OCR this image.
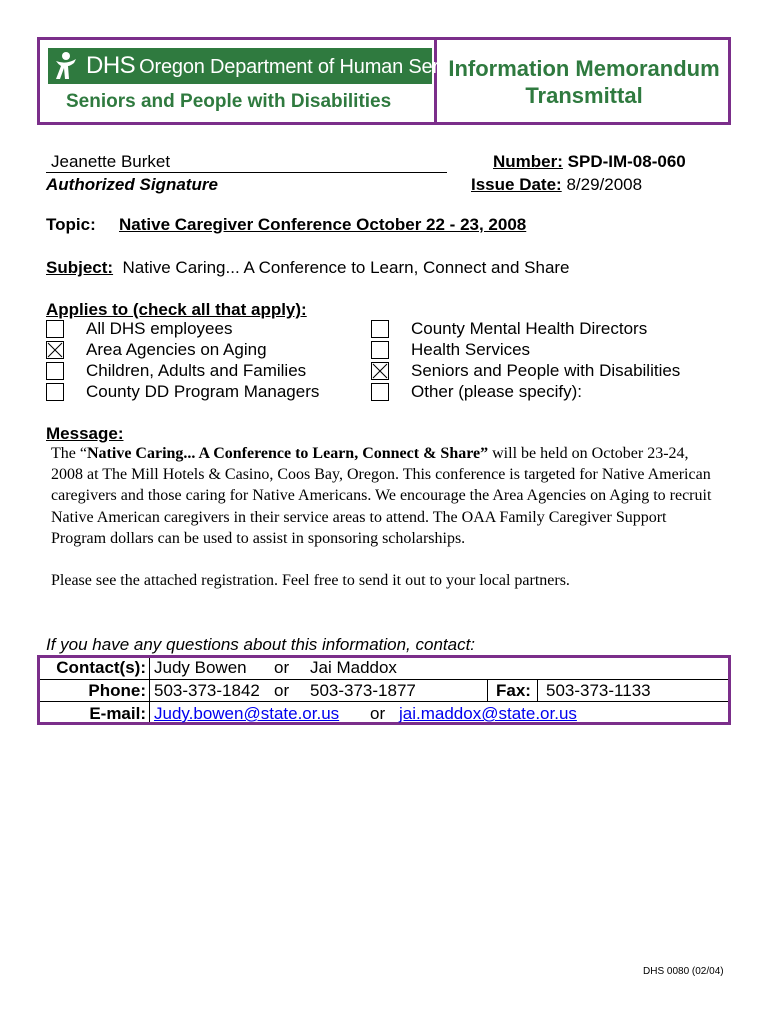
DHS Oregon Department of Human Services
Seniors and People with Disabilities
Information Memorandum
Transmittal
Jeanette Burket
Authorized Signature
Number: SPD-IM-08-060
Issue Date: 8/29/2008
Topic: Native Caregiver Conference October 22 - 23, 2008
Subject: Native Caring... A Conference to Learn, Connect and Share
Applies to (check all that apply):
All DHS employees
Area Agencies on Aging
Children, Adults and Families
County DD Program Managers
County Mental Health Directors
Health Services
Seniors and People with Disabilities
Other (please specify):
Message:

The “Native Caring... A Conference to Learn, Connect & Share” will be held on October 23-24, 2008 at The Mill Hotels & Casino, Coos Bay, Oregon. This conference is targeted for Native American caregivers and those caring for Native Americans. We encourage the Area Agencies on Aging to recruit Native American caregivers in their service areas to attend. The OAA Family Caregiver Support Program dollars can be used to assist in sponsoring scholarships.

Please see the attached registration. Feel free to send it out to your local partners.

If you have any questions about this information, contact:
Contact(s): Judy Bowen or Jai Maddox
Phone: 503-373-1842 or 503-373-1877	Fax: 503-373-1133
E-mail: Judy.bowen@state.or.us or jai.maddox@state.or.us
DHS 0080 (02/04)
